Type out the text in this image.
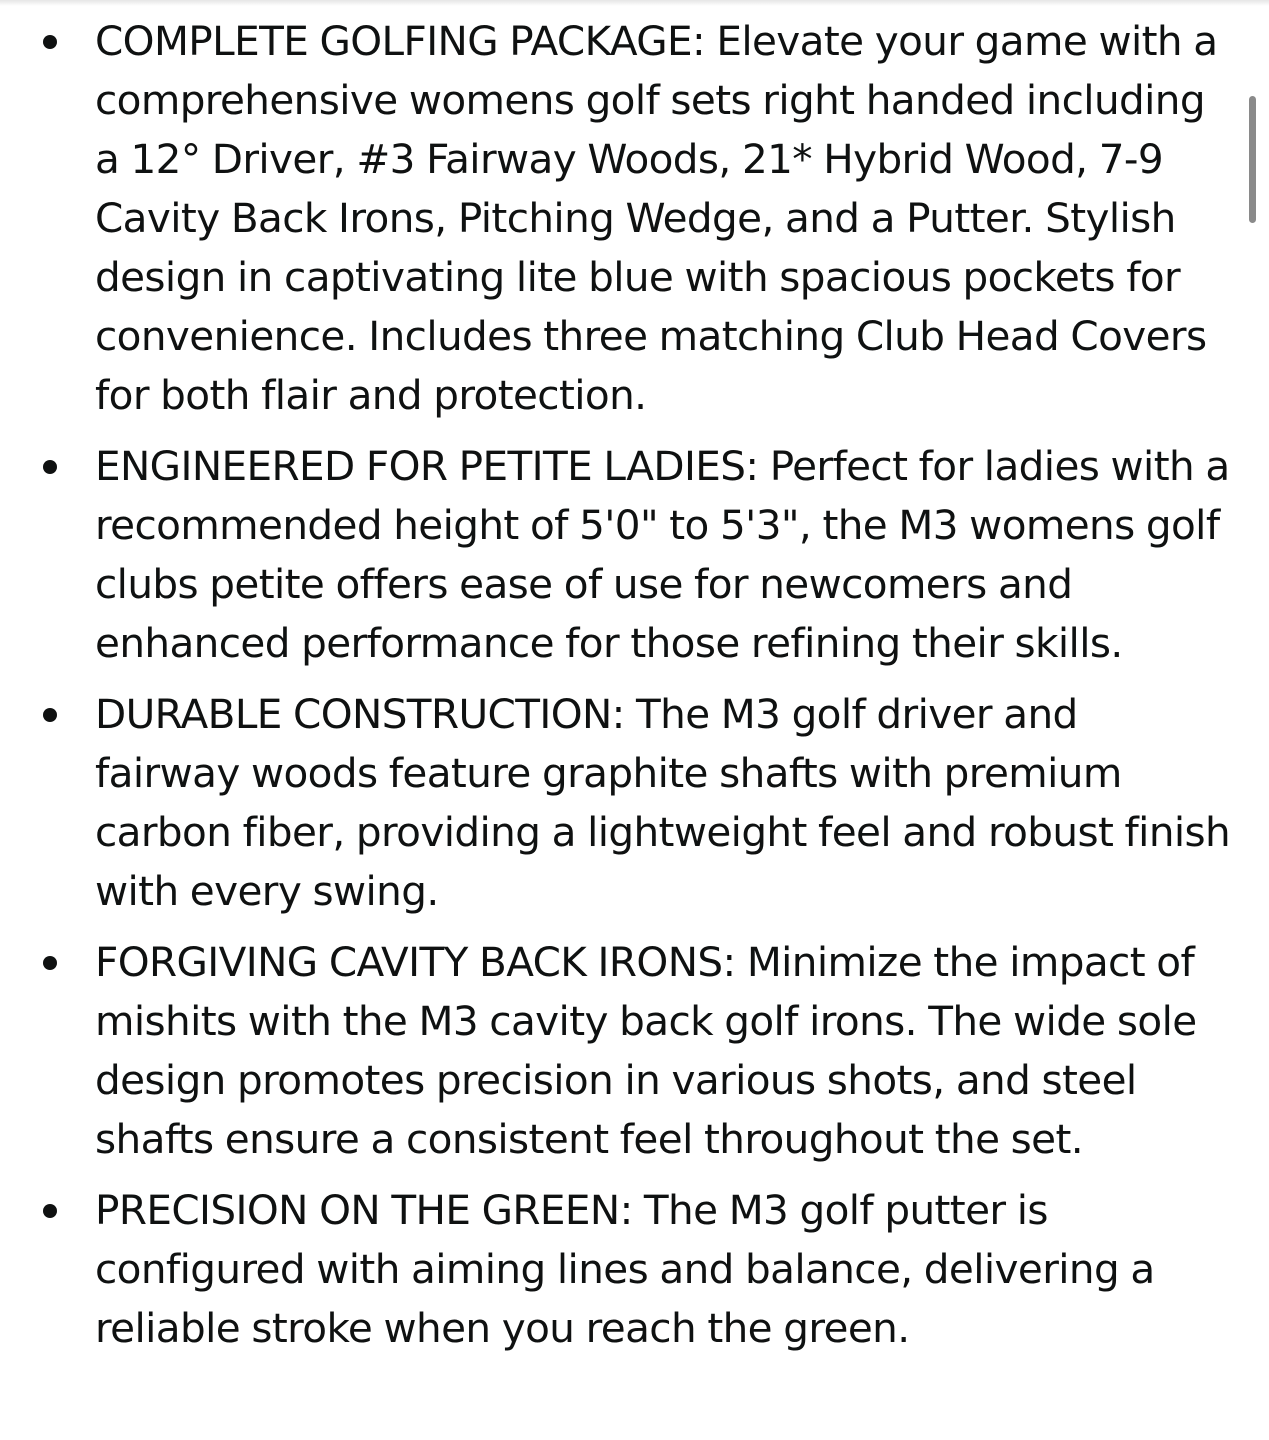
COMPLETE GOLFING PACKAGE: Elevate your game with a comprehensive womens golf sets right handed including a 12° Driver, #3 Fairway Woods, 21* Hybrid Wood, 7-9 Cavity Back Irons, Pitching Wedge, and a Putter. Stylish design in captivating lite blue with spacious pockets for convenience. Includes three matching Club Head Covers for both flair and protection.
ENGINEERED FOR PETITE LADIES: Perfect for ladies with a recommended height of 5'0" to 5'3", the M3 womens golf clubs petite offers ease of use for newcomers and enhanced performance for those refining their skills.
DURABLE CONSTRUCTION: The M3 golf driver and fairway woods feature graphite shafts with premium carbon fiber, providing a lightweight feel and robust finish with every swing.
FORGIVING CAVITY BACK IRONS: Minimize the impact of mishits with the M3 cavity back golf irons. The wide sole design promotes precision in various shots, and steel shafts ensure a consistent feel throughout the set.
PRECISION ON THE GREEN: The M3 golf putter is configured with aiming lines and balance, delivering a reliable stroke when you reach the green.
